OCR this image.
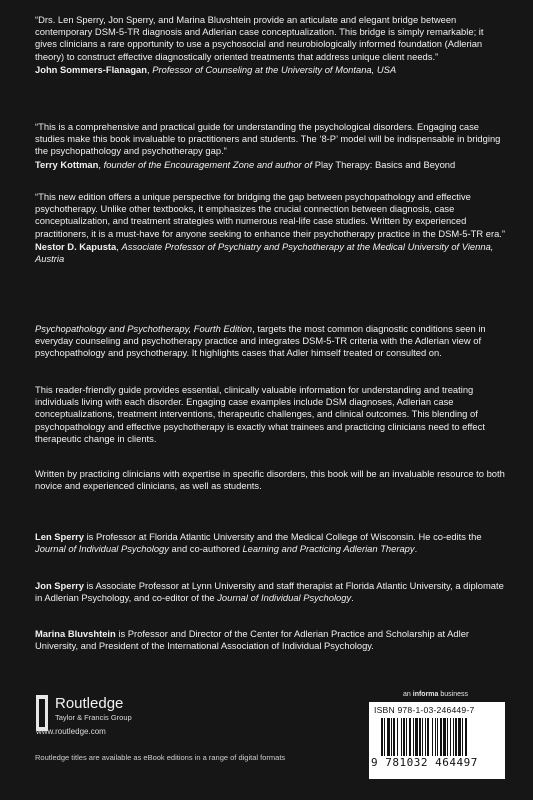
“Drs. Len Sperry, Jon Sperry, and Marina Bluvshtein provide an articulate and elegant bridge between contemporary DSM-5-TR diagnosis and Adlerian case conceptualization. This bridge is simply remarkable; it gives clinicians a rare opportunity to use a psychosocial and neurobiologically informed foundation (Adlerian theory) to construct effective diagnostically oriented treatments that address unique client needs.”

John Sommers-Flanagan, Professor of Counseling at the University of Montana, USA

“This is a comprehensive and practical guide for understanding the psychological disorders. Engaging case studies make this book invaluable to practitioners and students. The ‘8-P’ model will be indispensable in bridging the psychopathology and psychotherapy gap.”

Terry Kottman, founder of the Encouragement Zone and author of Play Therapy: Basics and Beyond

“This new edition offers a unique perspective for bridging the gap between psychopathology and effective psychotherapy. Unlike other textbooks, it emphasizes the crucial connection between diagnosis, case conceptualization, and treatment strategies with numerous real-life case studies. Written by experienced practitioners, it is a must-have for anyone seeking to enhance their psychotherapy practice in the DSM-5-TR era.”

Nestor D. Kapusta, Associate Professor of Psychiatry and Psychotherapy at the Medical University of Vienna, Austria

Psychopathology and Psychotherapy, Fourth Edition, targets the most common diagnostic conditions seen in everyday counseling and psychotherapy practice and integrates DSM-5-TR criteria with the Adlerian view of psychopathology and psychotherapy. It highlights cases that Adler himself treated or consulted on.

This reader-friendly guide provides essential, clinically valuable information for understanding and treating individuals living with each disorder. Engaging case examples include DSM diagnoses, Adlerian case conceptualizations, treatment interventions, therapeutic challenges, and clinical outcomes. This blending of psychopathology and effective psychotherapy is exactly what trainees and practicing clinicians need to effect therapeutic change in clients.

Written by practicing clinicians with expertise in specific disorders, this book will be an invaluable resource to both novice and experienced clinicians, as well as students.

Len Sperry is Professor at Florida Atlantic University and the Medical College of Wisconsin. He co-edits the Journal of Individual Psychology and co-authored Learning and Practicing Adlerian Therapy.

Jon Sperry is Associate Professor at Lynn University and staff therapist at Florida Atlantic University, a diplomate in Adlerian Psychology, and co-editor of the Journal of Individual Psychology.

Marina Bluvshtein is Professor and Director of the Center for Adlerian Practice and Scholarship at Adler University, and President of the International Association of Individual Psychology.

Routledge
Taylor & Francis Group
www.routledge.com
Routledge titles are available as eBook editions in a range of digital formats
an informa business
ISBN 978-1-03-246449-7
9 781032 464497
